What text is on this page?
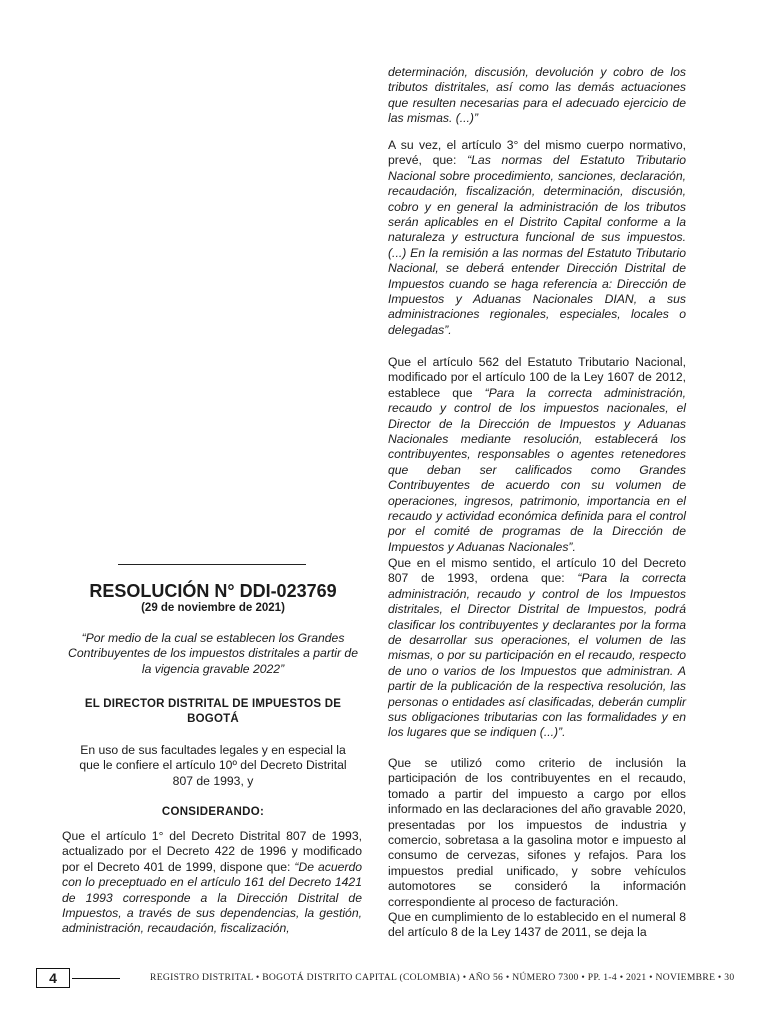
determinación, discusión, devolución y cobro de los tributos distritales, así como las demás actuaciones que resulten necesarias para el adecuado ejercicio de las mismas. (...)”

A su vez, el artículo 3° del mismo cuerpo normativo, prevé, que: “Las normas del Estatuto Tributario Nacional sobre procedimiento, sanciones, declaración, recaudación, fiscalización, determinación, discusión, cobro y en general la administración de los tributos serán aplicables en el Distrito Capital conforme a la naturaleza y estructura funcional de sus impuestos. (...) En la remisión a las normas del Estatuto Tributario Nacional, se deberá entender Dirección Distrital de Impuestos cuando se haga referencia a: Dirección de Impuestos y Aduanas Nacionales DIAN, a sus administraciones regionales, especiales, locales o delegadas”.

Que el artículo 562 del Estatuto Tributario Nacional, modificado por el artículo 100 de la Ley 1607 de 2012, establece que “Para la correcta administración, recaudo y control de los impuestos nacionales, el Director de la Dirección de Impuestos y Aduanas Nacionales mediante resolución, establecerá los contribuyentes, responsables o agentes retenedores que deban ser calificados como Grandes Contribuyentes de acuerdo con su volumen de operaciones, ingresos, patrimonio, importancia en el recaudo y actividad económica definida para el control por el comité de programas de la Dirección de Impuestos y Aduanas Nacionales”.

Que en el mismo sentido, el artículo 10 del Decreto 807 de 1993, ordena que: “Para la correcta administración, recaudo y control de los Impuestos distritales, el Director Distrital de Impuestos, podrá clasificar los contribuyentes y declarantes por la forma de desarrollar sus operaciones, el volumen de las mismas, o por su participación en el recaudo, respecto de uno o varios de los Impuestos que administran. A partir de la publicación de la respectiva resolución, las personas o entidades así clasificadas, deberán cumplir sus obligaciones tributarias con las formalidades y en los lugares que se indiquen (...)”.

Que se utilizó como criterio de inclusión la participación de los contribuyentes en el recaudo, tomado a partir del impuesto a cargo por ellos informado en las declaraciones del año gravable 2020, presentadas por los impuestos de industria y comercio, sobretasa a la gasolina motor e impuesto al consumo de cervezas, sifones y refajos. Para los impuestos predial unificado, y sobre vehículos automotores se consideró la información correspondiente al proceso de facturación.

Que en cumplimiento de lo establecido en el numeral 8 del artículo 8 de la Ley 1437 de 2011, se deja la

RESOLUCIÓN N° DDI-023769

(29 de noviembre de 2021)

“Por medio de la cual se establecen los Grandes Contribuyentes de los impuestos distritales a partir de la vigencia gravable 2022”

EL DIRECTOR DISTRITAL DE IMPUESTOS DE BOGOTÁ

En uso de sus facultades legales y en especial la que le confiere el artículo 10º del Decreto Distrital 807 de 1993, y

CONSIDERANDO:

Que el artículo 1° del Decreto Distrital 807 de 1993, actualizado por el Decreto 422 de 1996 y modificado por el Decreto 401 de 1999, dispone que: “De acuerdo con lo preceptuado en el artículo 161 del Decreto 1421 de 1993 corresponde a la Dirección Distrital de Impuestos, a través de sus dependencias, la gestión, administración, recaudación, fiscalización,

4	REGISTRO DISTRITAL • BOGOTÁ DISTRITO CAPITAL (COLOMBIA) • AÑO 56 • NÚMERO 7300 • PP. 1-4 • 2021 • NOVIEMBRE • 30
